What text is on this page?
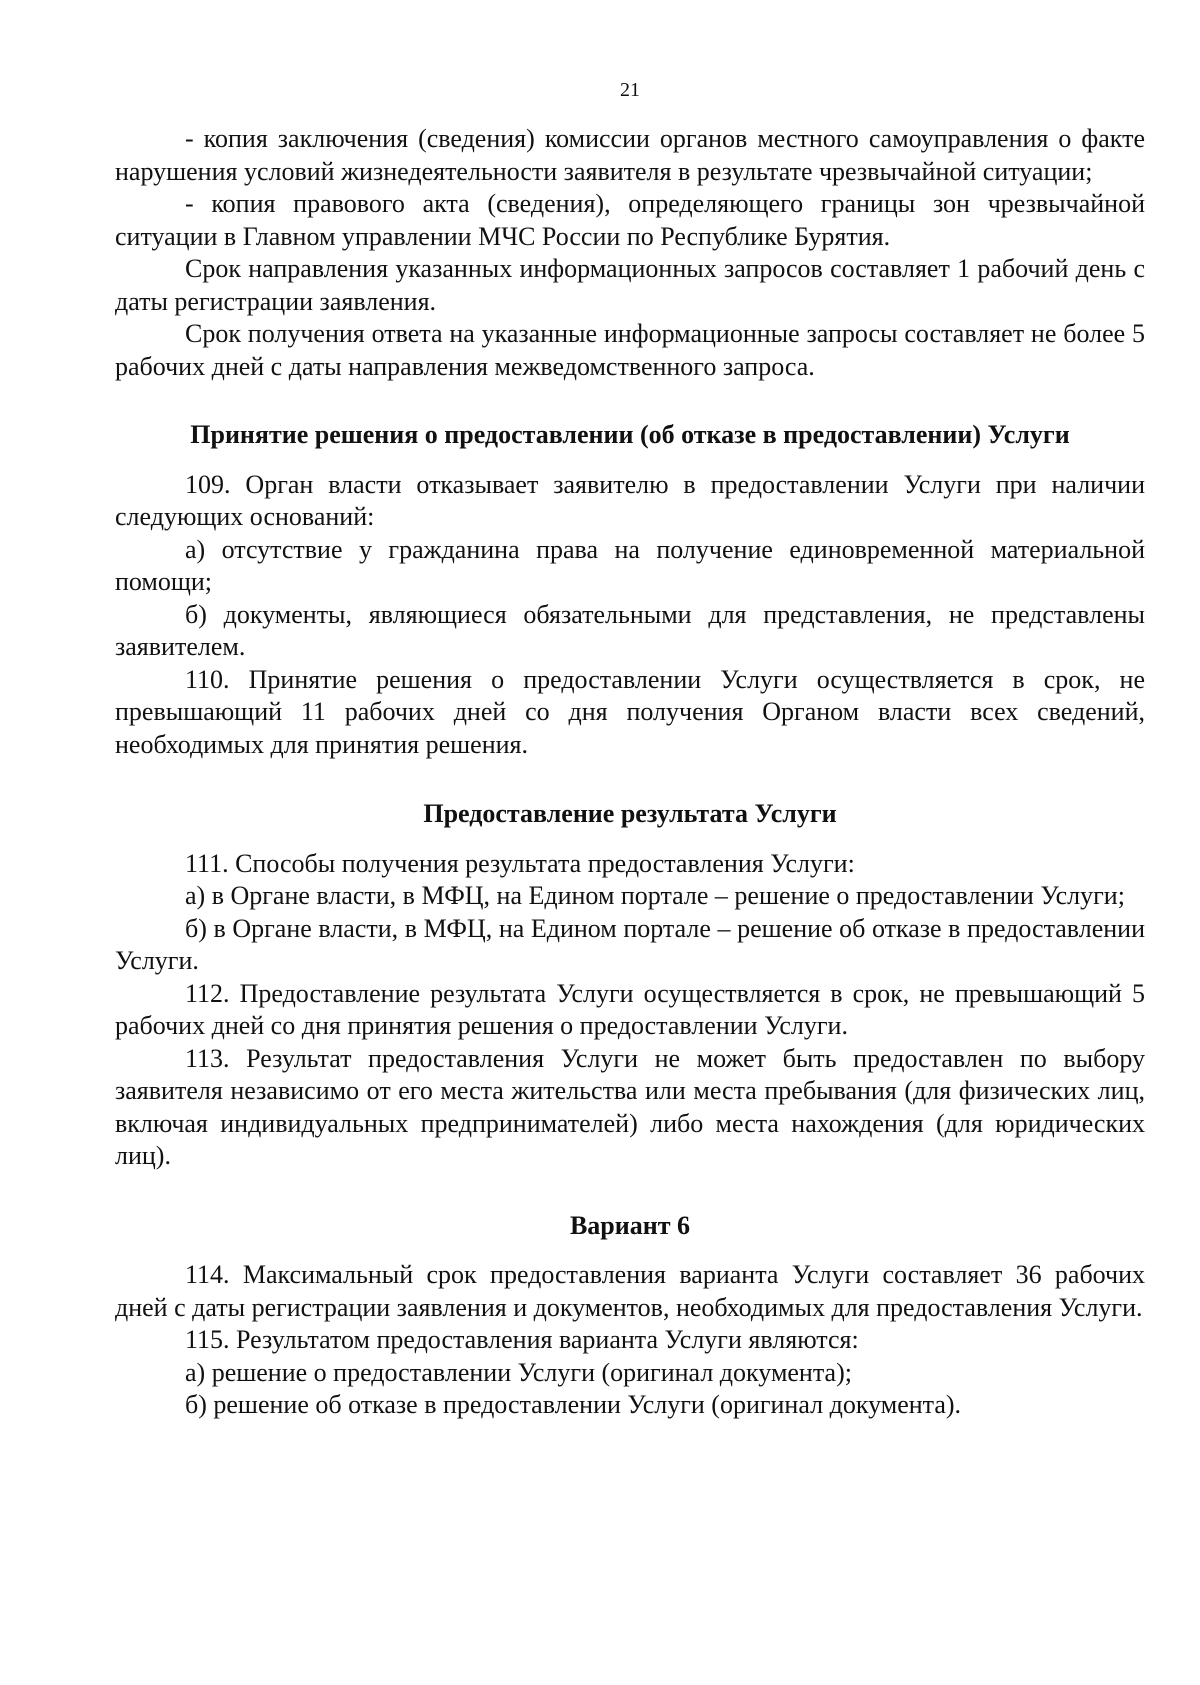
21

- копия заключения (сведения) комиссии органов местного самоуправления о факте нарушения условий жизнедеятельности заявителя в результате чрезвычайной ситуации;

- копия правового акта (сведения), определяющего границы зон чрезвычайной ситуации в Главном управлении МЧС России по Республике Бурятия.

Срок направления указанных информационных запросов составляет 1 рабочий день с даты регистрации заявления.

Срок получения ответа на указанные информационные запросы составляет не более 5 рабочих дней с даты направления межведомственного запроса.

Принятие решения о предоставлении (об отказе в предоставлении) Услуги

109. Орган власти отказывает заявителю в предоставлении Услуги при наличии следующих оснований:

а) отсутствие у гражданина права на получение единовременной материальной помощи;

б) документы, являющиеся обязательными для представления, не представлены заявителем.

110. Принятие решения о предоставлении Услуги осуществляется в срок, не превышающий 11 рабочих дней со дня получения Органом власти всех сведений, необходимых для принятия решения.

Предоставление результата Услуги

111. Способы получения результата предоставления Услуги:

а) в Органе власти, в МФЦ, на Едином портале – решение о предоставлении Услуги;

б) в Органе власти, в МФЦ, на Едином портале – решение об отказе в предоставлении Услуги.

112. Предоставление результата Услуги осуществляется в срок, не превышающий 5 рабочих дней со дня принятия решения о предоставлении Услуги.

113. Результат предоставления Услуги не может быть предоставлен по выбору заявителя независимо от его места жительства или места пребывания (для физических лиц, включая индивидуальных предпринимателей) либо места нахождения (для юридических лиц).

Вариант 6

114. Максимальный срок предоставления варианта Услуги составляет 36 рабочих дней с даты регистрации заявления и документов, необходимых для предоставления Услуги.

115. Результатом предоставления варианта Услуги являются:

а) решение о предоставлении Услуги (оригинал документа);

б) решение об отказе в предоставлении Услуги (оригинал документа).
